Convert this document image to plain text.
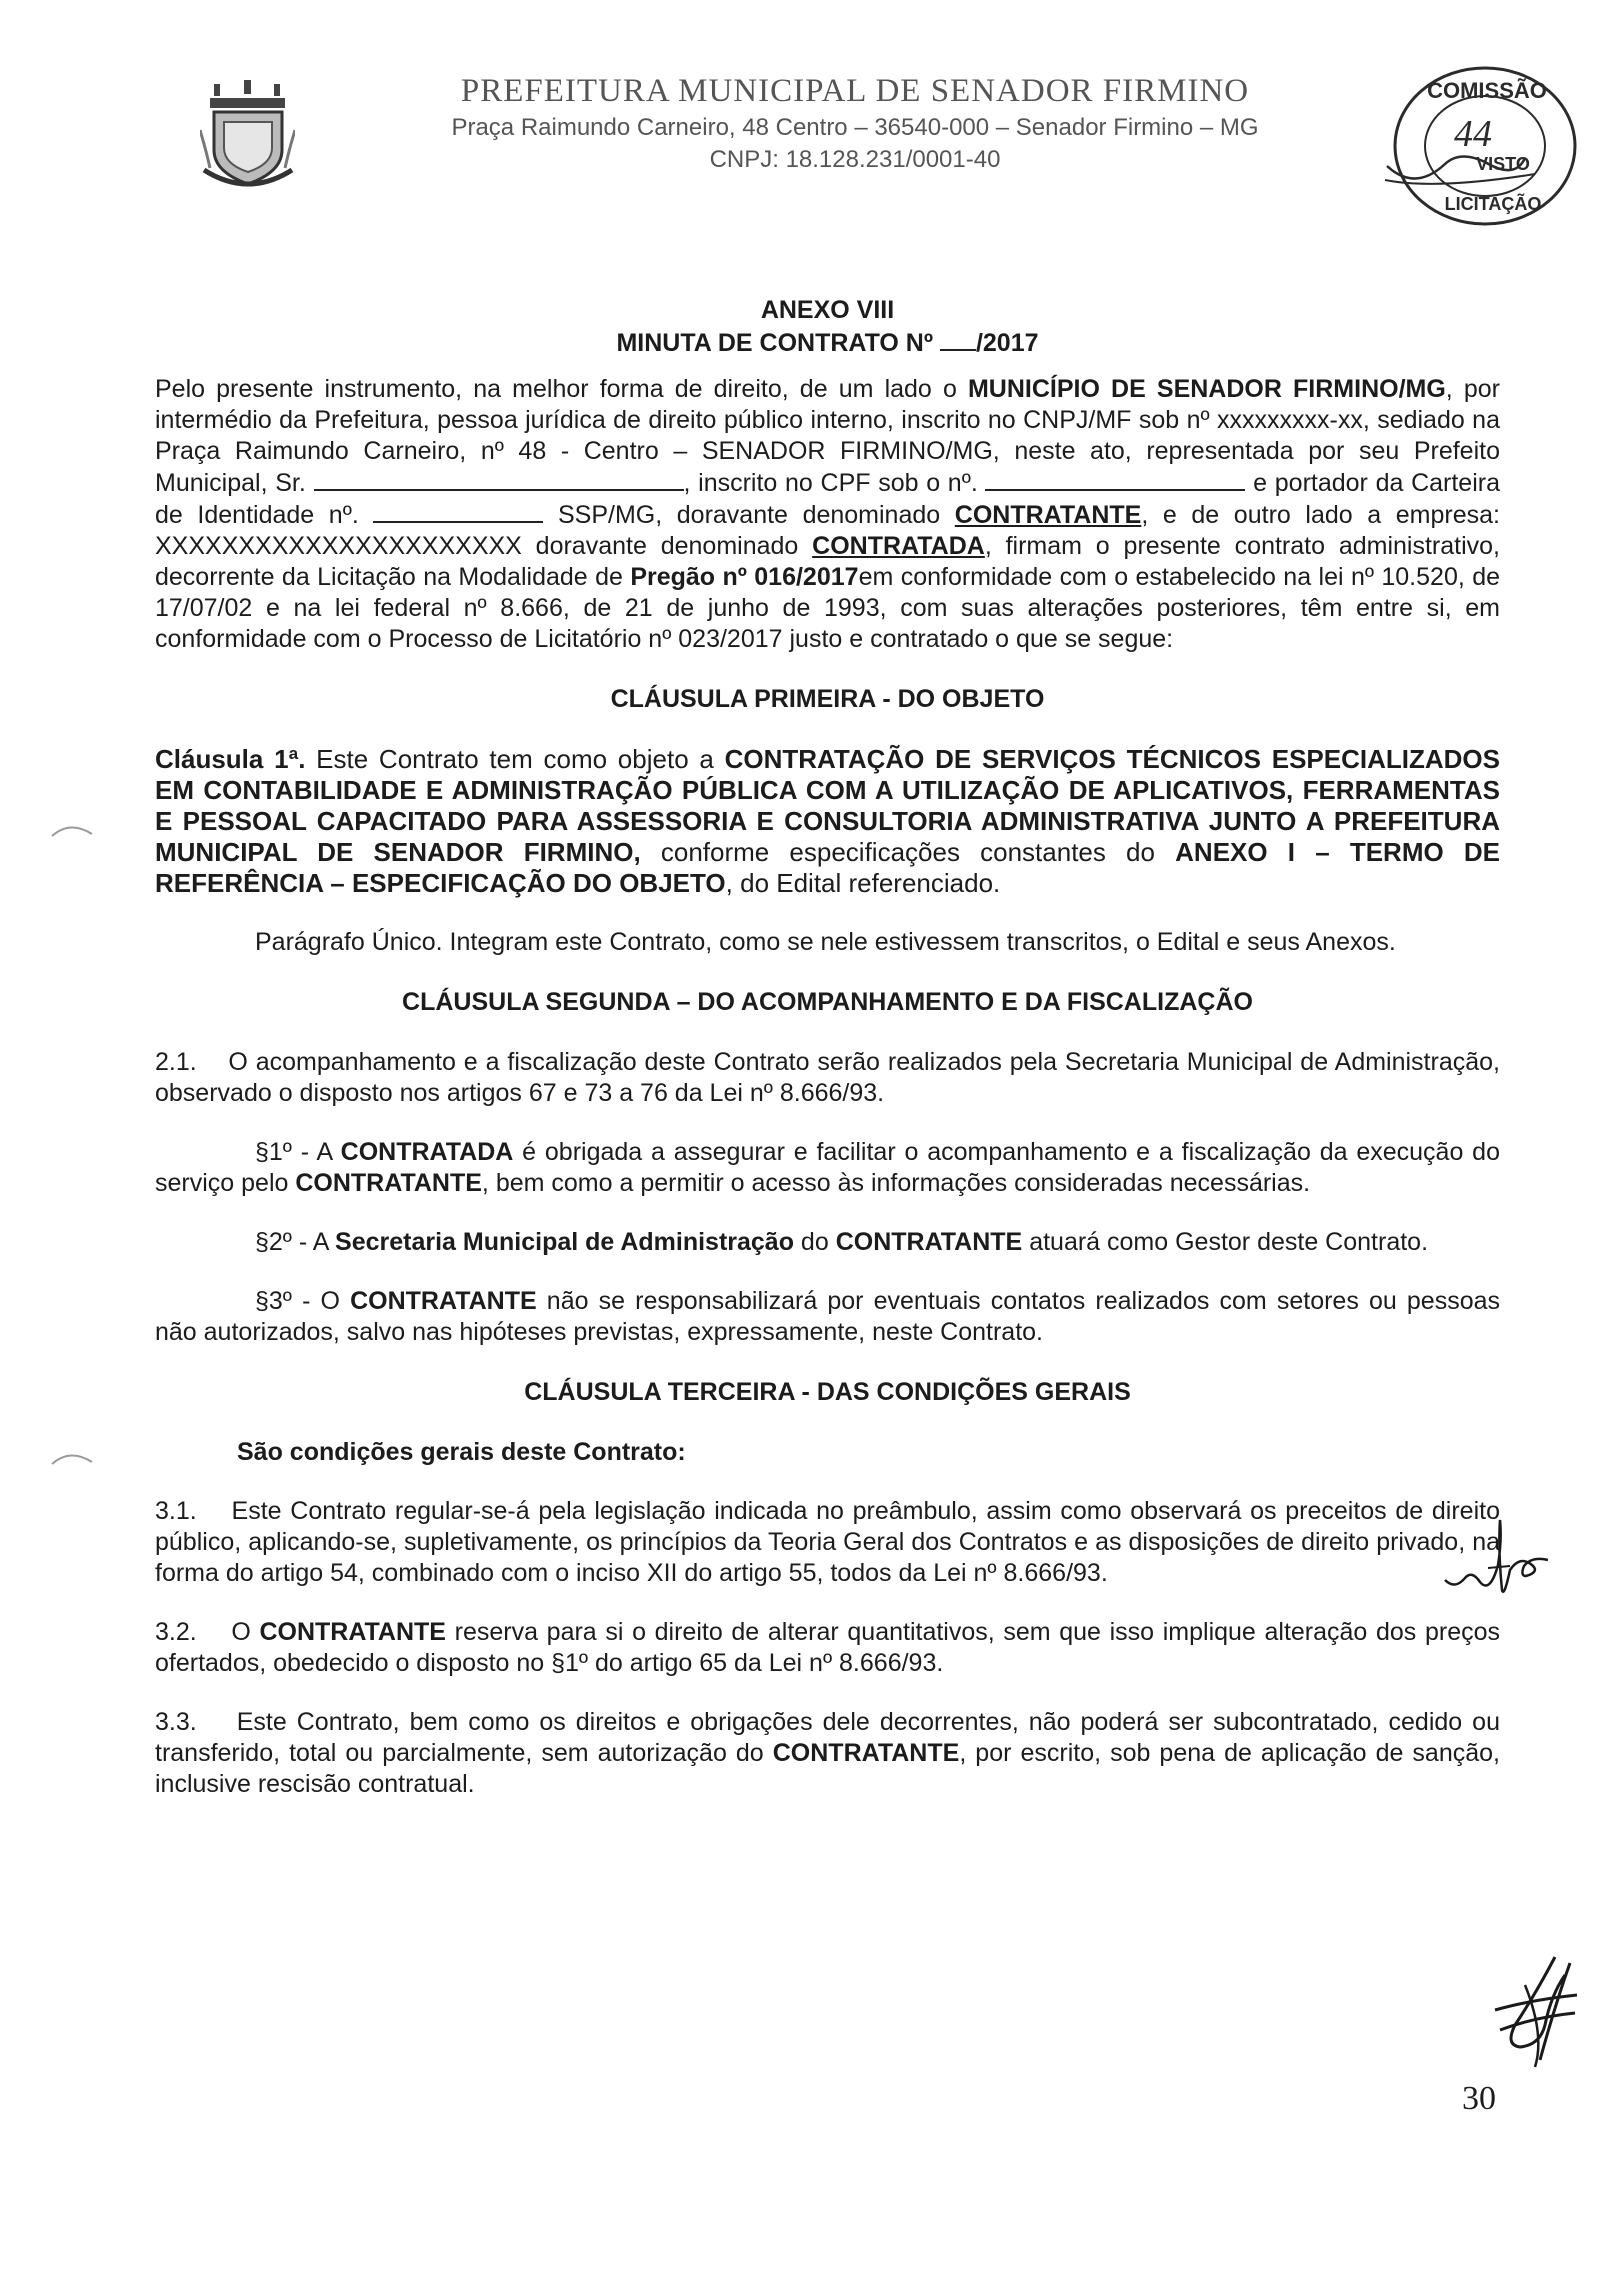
PREFEITURA MUNICIPAL DE SENADOR FIRMINO
Praça Raimundo Carneiro, 48 Centro – 36540-000 – Senador Firmino – MG
CNPJ: 18.128.231/0001-40
COMISSÃO
44
VISTO
LICITAÇÃO
ANEXO VIII
MINUTA DE CONTRATO Nº /2017

Pelo presente instrumento, na melhor forma de direito, de um lado o MUNICÍPIO DE SENADOR FIRMINO/MG, por intermédio da Prefeitura, pessoa jurídica de direito público interno, inscrito no CNPJ/MF sob nº xxxxxxxxx-xx, sediado na Praça Raimundo Carneiro, nº 48 - Centro – SENADOR FIRMINO/MG, neste ato, representada por seu Prefeito Municipal, Sr.	, inscrito no CPF sob o nº.	e portador da Carteira de Identidade nº.	SSP/MG, doravante denominado CONTRATANTE, e de outro lado a empresa: XXXXXXXXXXXXXXXXXXXXXX doravante denominado CONTRATADA, firmam o presente contrato administrativo, decorrente da Licitação na Modalidade de Pregão nº 016/2017em conformidade com o estabelecido na lei nº 10.520, de 17/07/02 e na lei federal nº 8.666, de 21 de junho de 1993, com suas alterações posteriores, têm entre si, em conformidade com o Processo de Licitatório nº 023/2017 justo e contratado o que se segue:

CLÁUSULA PRIMEIRA - DO OBJETO

Cláusula 1ª. Este Contrato tem como objeto a CONTRATAÇÃO DE SERVIÇOS TÉCNICOS ESPECIALIZADOS EM CONTABILIDADE E ADMINISTRAÇÃO PÚBLICA COM A UTILIZAÇÃO DE APLICATIVOS, FERRAMENTAS E PESSOAL CAPACITADO PARA ASSESSORIA E CONSULTORIA ADMINISTRATIVA JUNTO A PREFEITURA MUNICIPAL DE SENADOR FIRMINO, conforme especificações constantes do ANEXO I – TERMO DE REFERÊNCIA – ESPECIFICAÇÃO DO OBJETO, do Edital referenciado.

Parágrafo Único. Integram este Contrato, como se nele estivessem transcritos, o Edital e seus Anexos.

CLÁUSULA SEGUNDA – DO ACOMPANHAMENTO E DA FISCALIZAÇÃO

2.1.    O acompanhamento e a fiscalização deste Contrato serão realizados pela Secretaria Municipal de Administração, observado o disposto nos artigos 67 e 73 a 76 da Lei nº 8.666/93.

§1º - A CONTRATADA é obrigada a assegurar e facilitar o acompanhamento e a fiscalização da execução do serviço pelo CONTRATANTE, bem como a permitir o acesso às informações consideradas necessárias.

§2º - A Secretaria Municipal de Administração do CONTRATANTE atuará como Gestor deste Contrato.

§3º - O CONTRATANTE não se responsabilizará por eventuais contatos realizados com setores ou pessoas não autorizados, salvo nas hipóteses previstas, expressamente, neste Contrato.

CLÁUSULA TERCEIRA - DAS CONDIÇÕES GERAIS

São condições gerais deste Contrato:

3.1.    Este Contrato regular-se-á pela legislação indicada no preâmbulo, assim como observará os preceitos de direito público, aplicando-se, supletivamente, os princípios da Teoria Geral dos Contratos e as disposições de direito privado, na forma do artigo 54, combinado com o inciso XII do artigo 55, todos da Lei nº 8.666/93.

3.2.    O CONTRATANTE reserva para si o direito de alterar quantitativos, sem que isso implique alteração dos preços ofertados, obedecido o disposto no §1º do artigo 65 da Lei nº 8.666/93.

3.3.    Este Contrato, bem como os direitos e obrigações dele decorrentes, não poderá ser subcontratado, cedido ou transferido, total ou parcialmente, sem autorização do CONTRATANTE, por escrito, sob pena de aplicação de sanção, inclusive rescisão contratual.

30
